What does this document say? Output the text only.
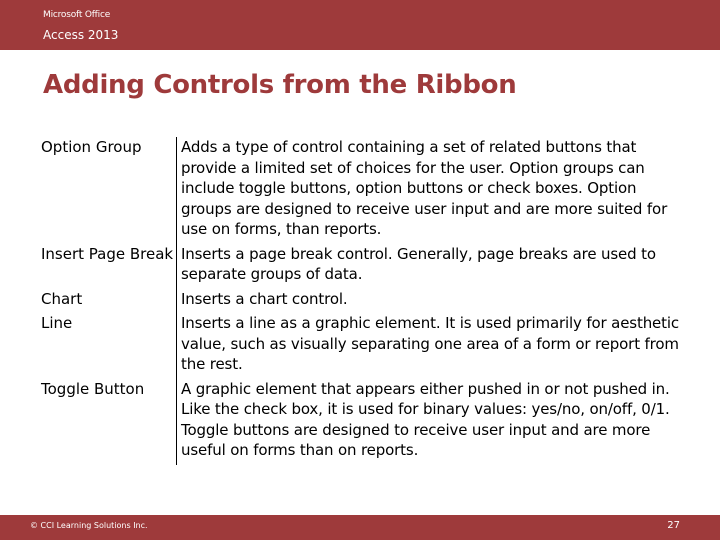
Microsoft Office
Access 2013
Adding Controls from the Ribbon
Option Group	Adds a type of control containing a set of related buttons that provide a limited set of choices for the user. Option groups can include toggle buttons, option buttons or check boxes. Option groups are designed to receive user input and are more suited for use on forms, than reports.
Insert Page Break	Inserts a page break control. Generally, page breaks are used to separate groups of data.
Chart	Inserts a chart control.
Line	Inserts a line as a graphic element. It is used primarily for aesthetic value, such as visually separating one area of a form or report from the rest.
Toggle Button	A graphic element that appears either pushed in or not pushed in. Like the check box, it is used for binary values: yes/no, on/off, 0/1. Toggle buttons are designed to receive user input and are more useful on forms than on reports.
© CCI Learning Solutions Inc.	27
